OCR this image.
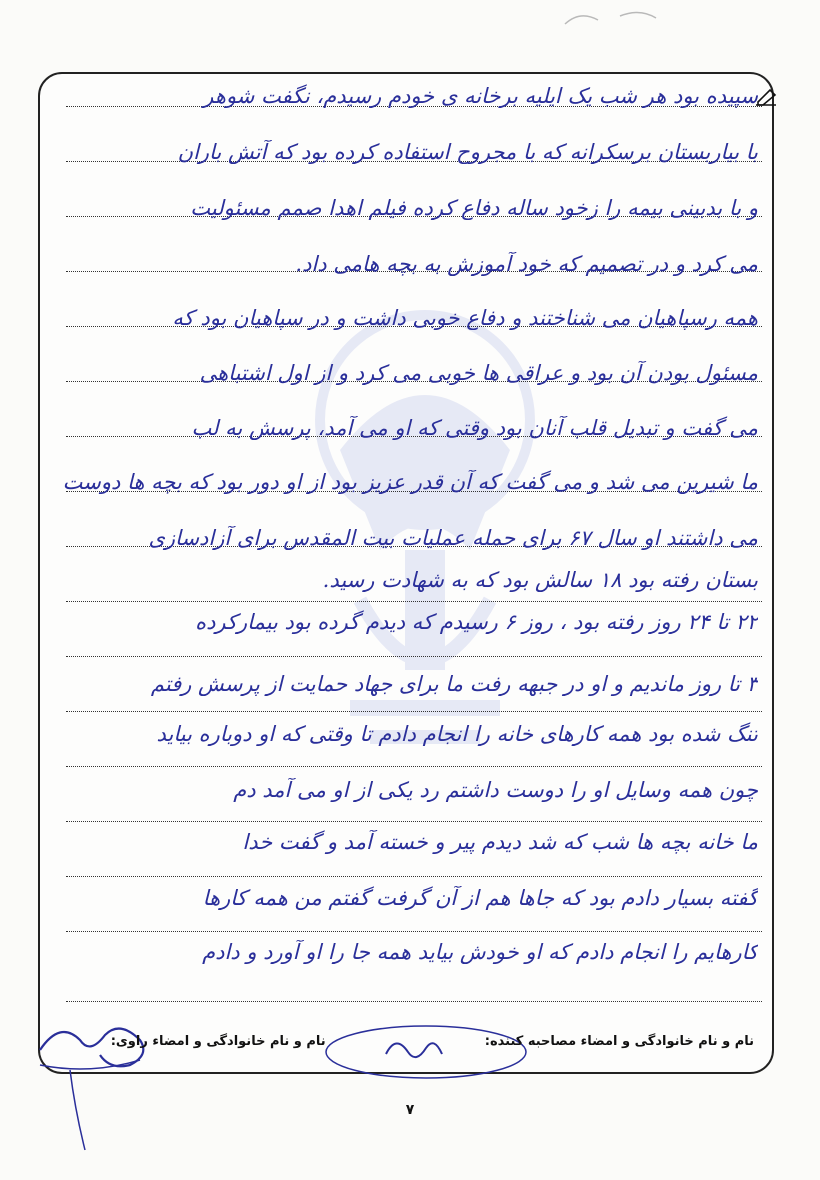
سپیده بود هر شب یک ایلیه برخانه ی خودم رسیدم، نگفت شوهر
با بیاربستان برسکرانه که با مجروح استفاده کرده بود که آتش باران
و با بدبینی بیمه را زخود ساله دفاع کرده فیلم اهدا صمم مسئولیت
می کرد و در تصمیم که خود آموزش به بچه هامی داد.
همه رسپاهیان می شناختند و دفاع خوبی داشت و در سپاهیان بود که
مسئول بودن آن بود و عراقی ها خوبی می کرد و از اول اشتباهی
می گفت و تبدیل قلب آنان بود وقتی که او می آمد، پرسش به لب
ما شیرین می شد و می گفت که آن قدر عزیز بود از او دور بود که بچه ها دوست
می داشتند او سال ۶۷ برای حمله عملیات بیت المقدس برای آزادسازی
بستان رفته بود ۱۸ سالش بود که به شهادت رسید.
۲۲ تا ۲۴ روز رفته بود ، روز ۶ رسیدم که دیدم گرده بود بیمارکرده
۳ تا روز ماندیم و او در جبهه رفت ما برای جهاد حمایت از پرسش رفتم
تنگ شده بود همه کارهای خانه را انجام دادم تا وقتی که او دوباره بیاید
چون همه وسایل او را دوست داشتم رد یکی از او می آمد دم
ما خانه بچه ها شب که شد دیدم پیر و خسته آمد و گفت خدا
گفته بسیار دادم بود که جاها هم از آن گرفت گفتم من همه کارها
کارهایم را انجام دادم که او خودش بیاید همه جا را او آورد و دادم
نام و نام خانوادگی و امضاء مصاحبه کننده:  نام و نام خانوادگی و امضاء راوی:
۷
